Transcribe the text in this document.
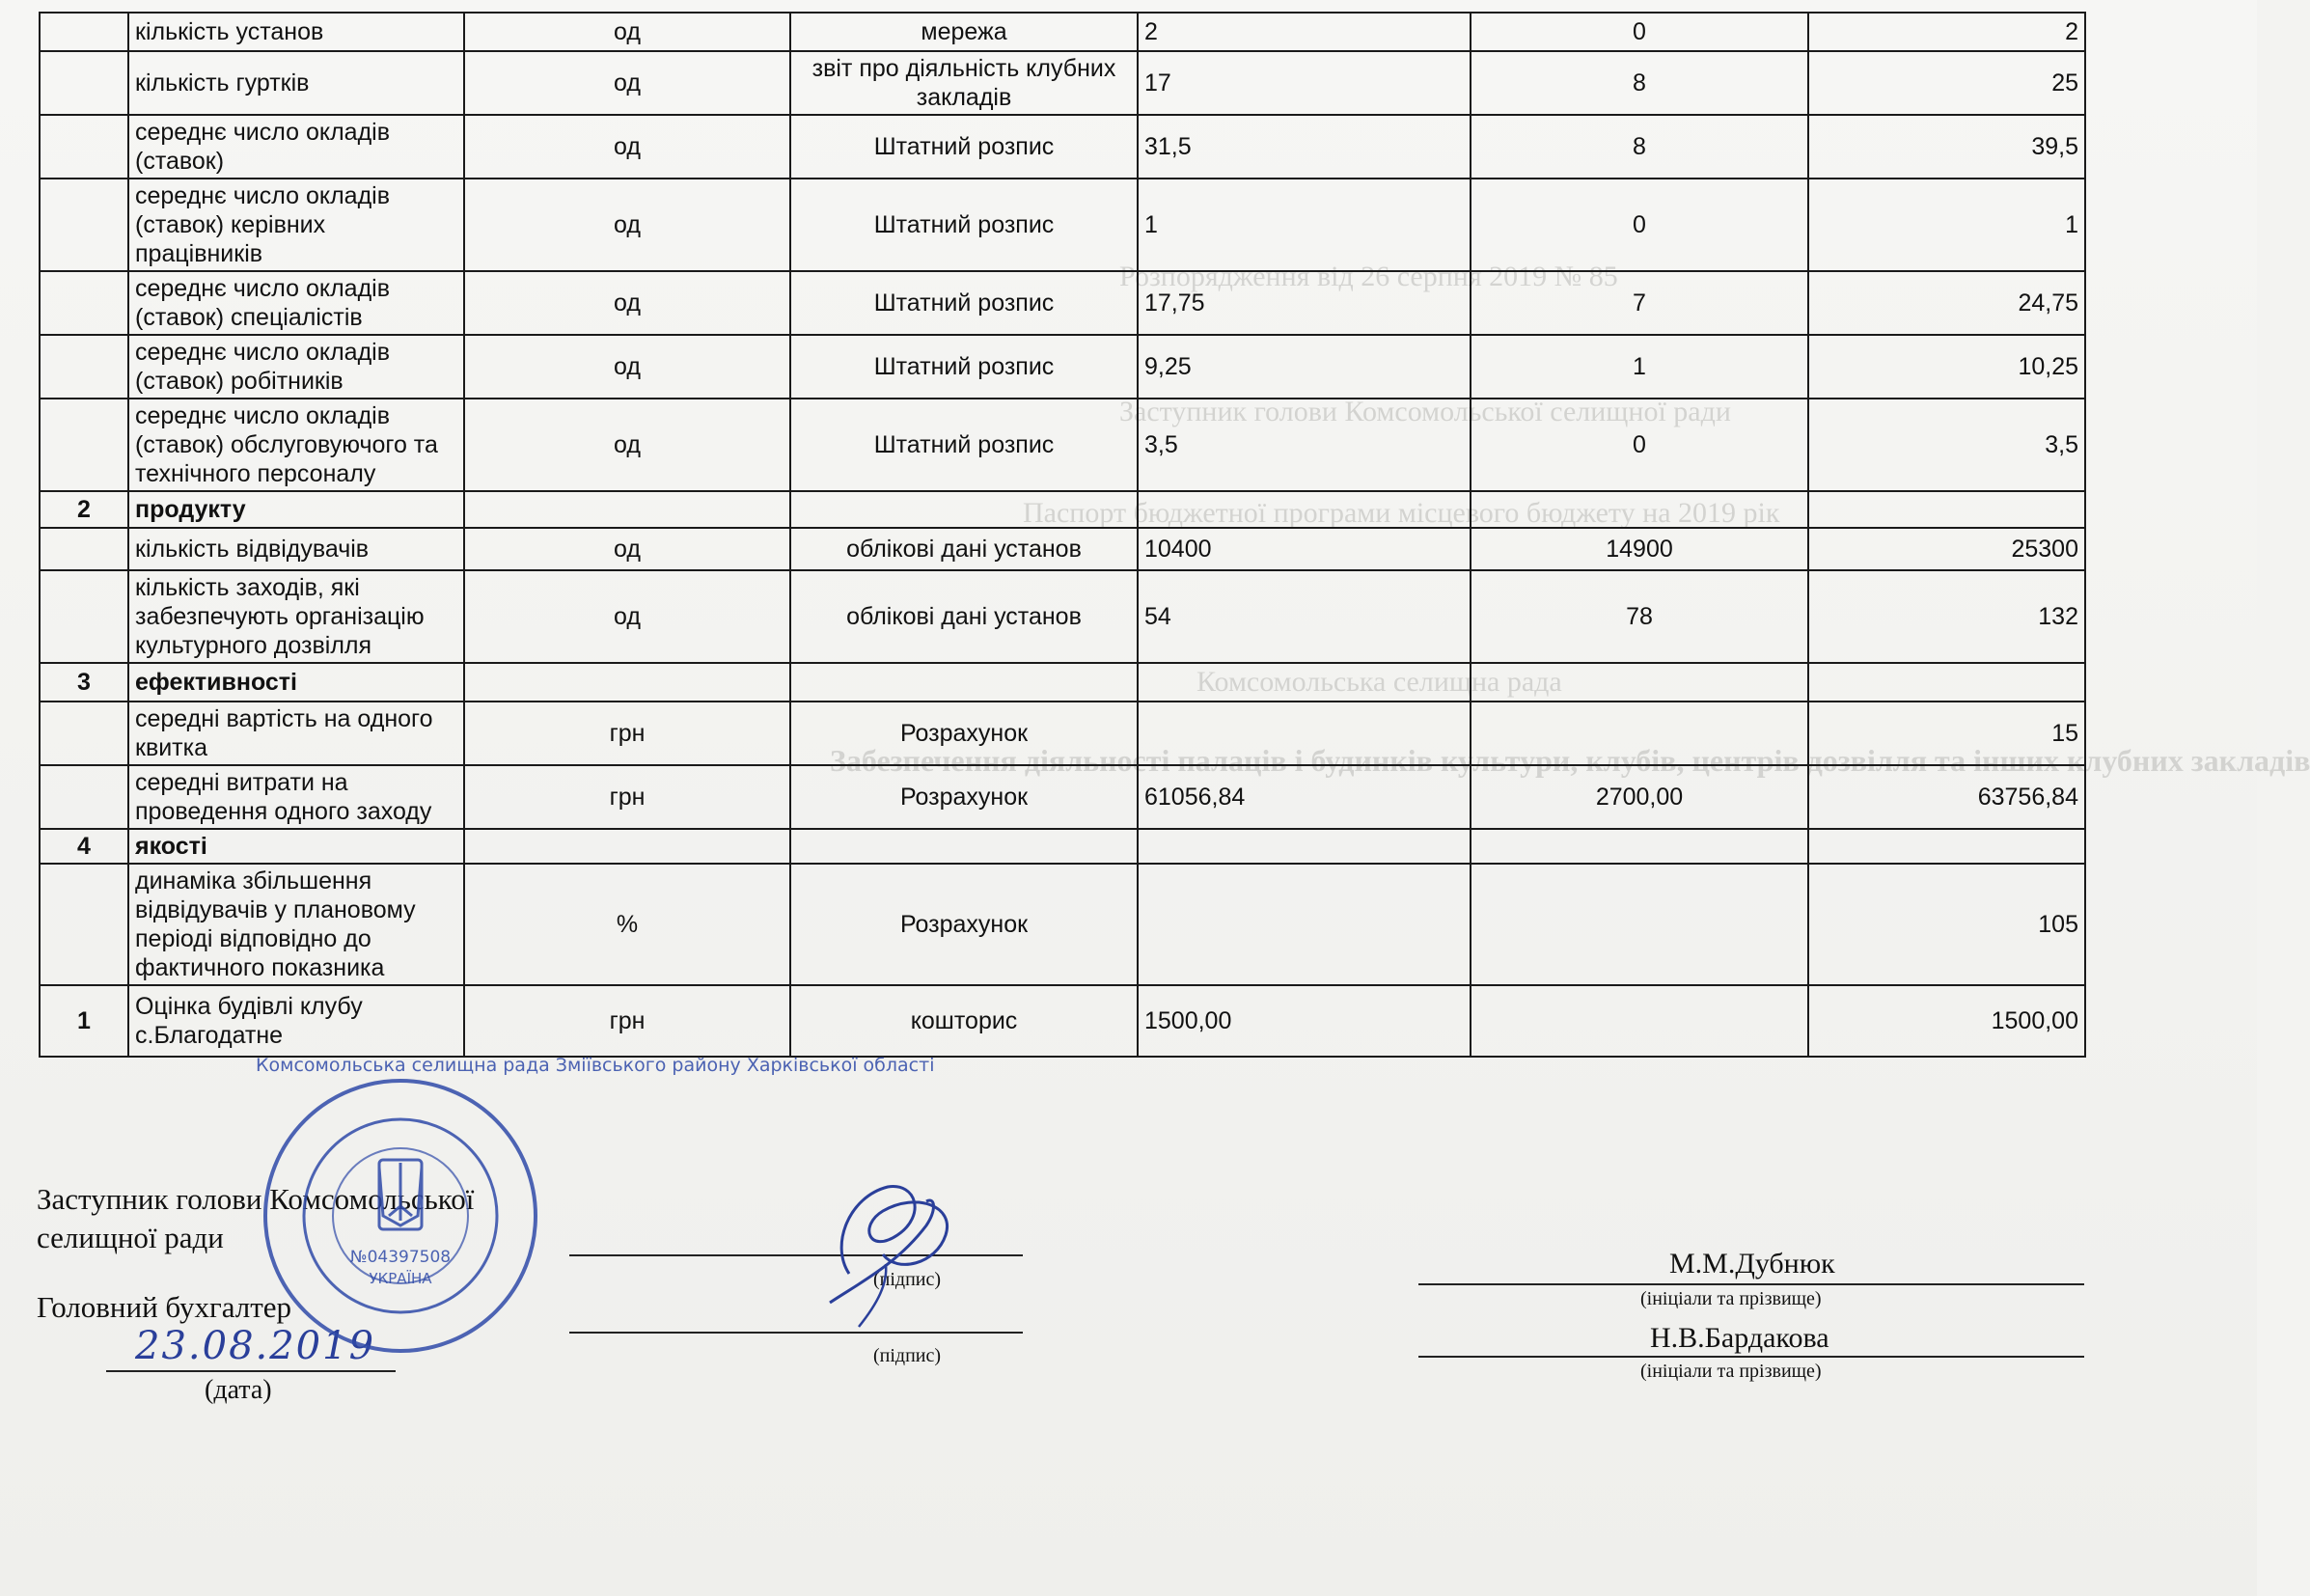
Розпорядження від 26 серпня 2019 № 85
Заступник голови Комсомольської селищної ради
Паспорт бюджетної програми місцевого бюджету на 2019 рік
Комсомольська селищна рада
Забезпечення діяльності палаців і будинків культури, клубів, центрів дозвілля та інших клубних закладів
	кількість установ	од	мережа	2	0	2
	кількість гуртків	од	звіт про діяльність клубних закладів	17	8	25
	середнє число окладів (ставок)	од	Штатний розпис	31,5	8	39,5
	середнє число окладів (ставок) керівних працівників	од	Штатний розпис	1	0	1
	середнє число окладів (ставок) спеціалістів	од	Штатний розпис	17,75	7	24,75
	середнє число окладів (ставок) робітників	од	Штатний розпис	9,25	1	10,25
	середнє число окладів (ставок) обслуговуючого та технічного персоналу	од	Штатний розпис	3,5	0	3,5
2	продукту					
	кількість відвідувачів	од	облікові дані установ	10400	14900	25300
	кількість заходів, які забезпечують організацію культурного дозвілля	од	облікові дані установ	54	78	132
3	ефективності					
	середні вартість на одного квитка	грн	Розрахунок			15
	середні витрати на проведення одного заходу	грн	Розрахунок	61056,84	2700,00	63756,84
4	якості					
	динаміка збільшення відвідувачів у плановому періоді відповідно до фактичного показника	%	Розрахунок			105
1	Оцінка будівлі клубу с.Благодатне	грн	кошторис	1500,00		1500,00
Заступник голови Комсомольської
селищної ради
(підпис)	М.М.Дубнюк
(ініціали та прізвище)
Головний бухгалтер
(підпис)
Н.В.Бардакова
(ініціали та прізвище)
23.08.2019
(дата)
Комсомольська селищна рада Зміївського району Харківської області
№04397508
УКРАЇНА
